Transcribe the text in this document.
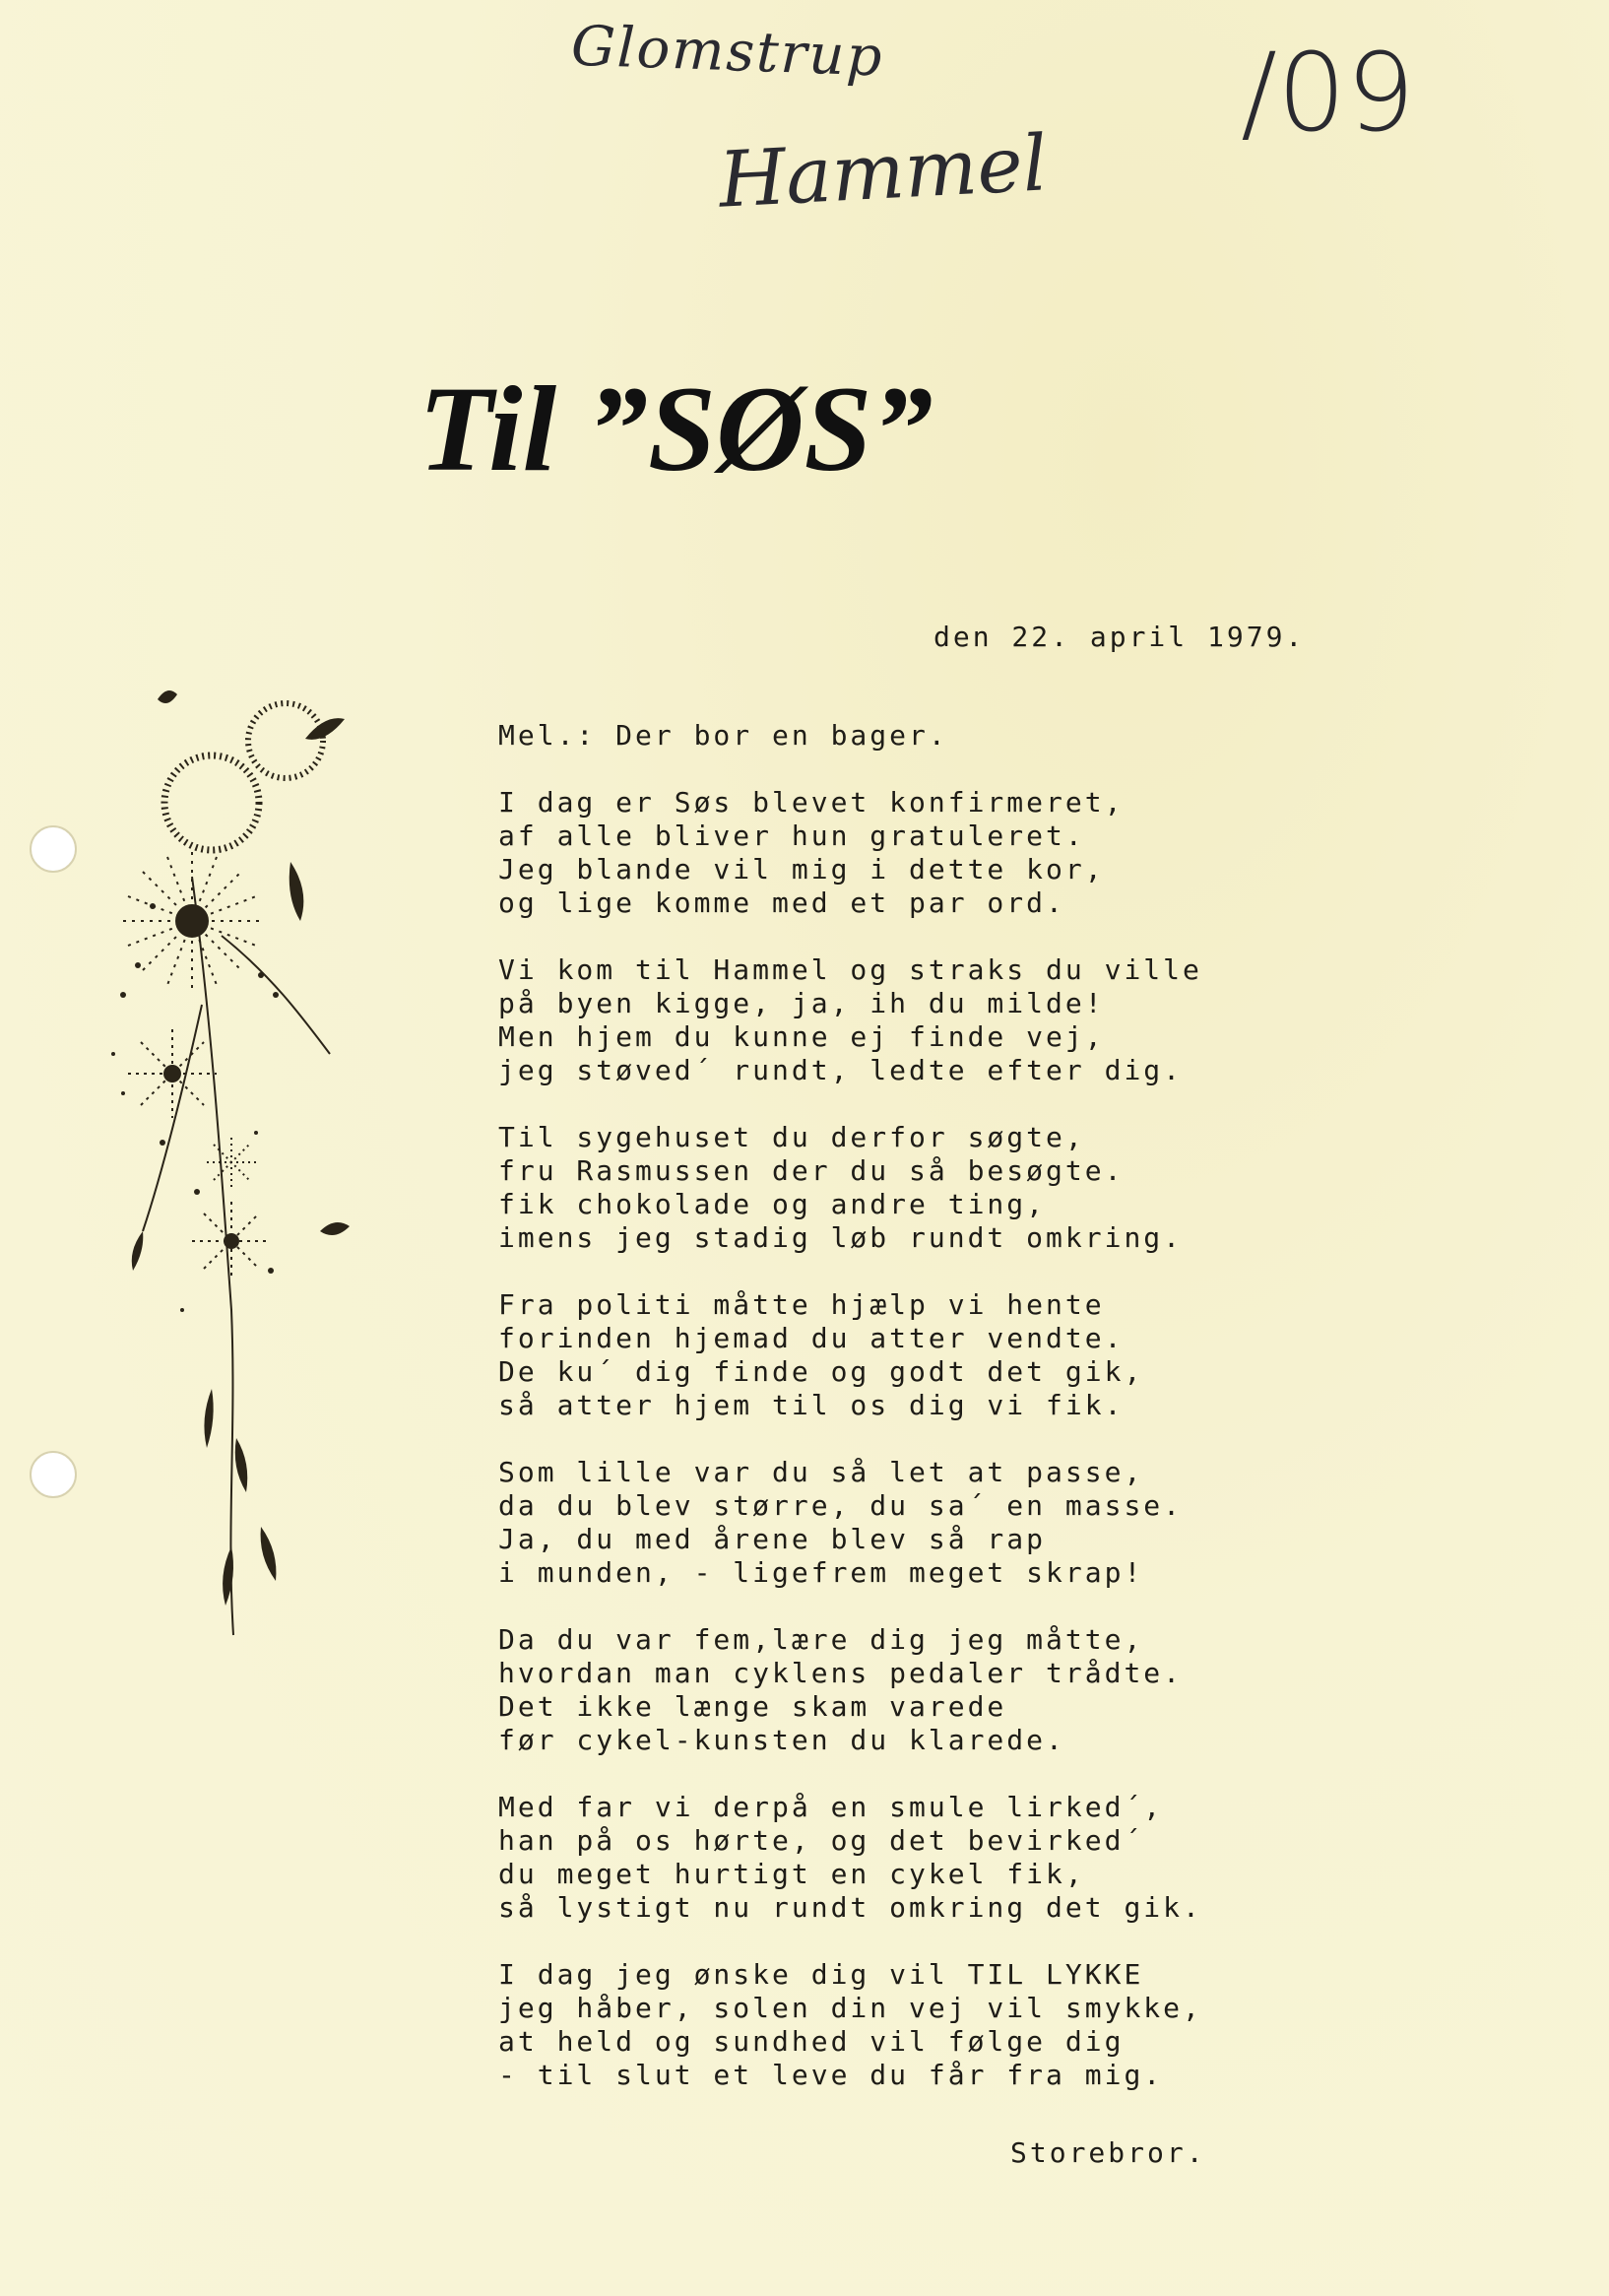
Glomstrup
Hammel
/09
Til ”SØS”
den 22. april 1979.
Mel.: Der bor en bager.
I dag er Søs blevet konfirmeret,
af alle bliver hun gratuleret.
Jeg blande vil mig i dette kor,
og lige komme med et par ord.
Vi kom til Hammel og straks du ville
på byen kigge, ja, ih du milde!
Men hjem du kunne ej finde vej,
jeg støved´ rundt, ledte efter dig.
Til sygehuset du derfor søgte,
fru Rasmussen der du så besøgte.
fik chokolade og andre ting,
imens jeg stadig løb rundt omkring.
Fra politi måtte hjælp vi hente
forinden hjemad du atter vendte.
De ku´ dig finde og godt det gik,
så atter hjem til os dig vi fik.
Som lille var du så let at passe,
da du blev større, du sa´ en masse.
Ja, du med årene blev så rap
i munden, - ligefrem meget skrap!
Da du var fem,lære dig jeg måtte,
hvordan man cyklens pedaler trådte.
Det ikke længe skam varede
før cykel-kunsten du klarede.
Med far vi derpå en smule lirked´,
han på os hørte, og det bevirked´
du meget hurtigt en cykel fik,
så lystigt nu rundt omkring det gik.
I dag jeg ønske dig vil TIL LYKKE
jeg håber, solen din vej vil smykke,
at held og sundhed vil følge dig
- til slut et leve du får fra mig.
Storebror.
